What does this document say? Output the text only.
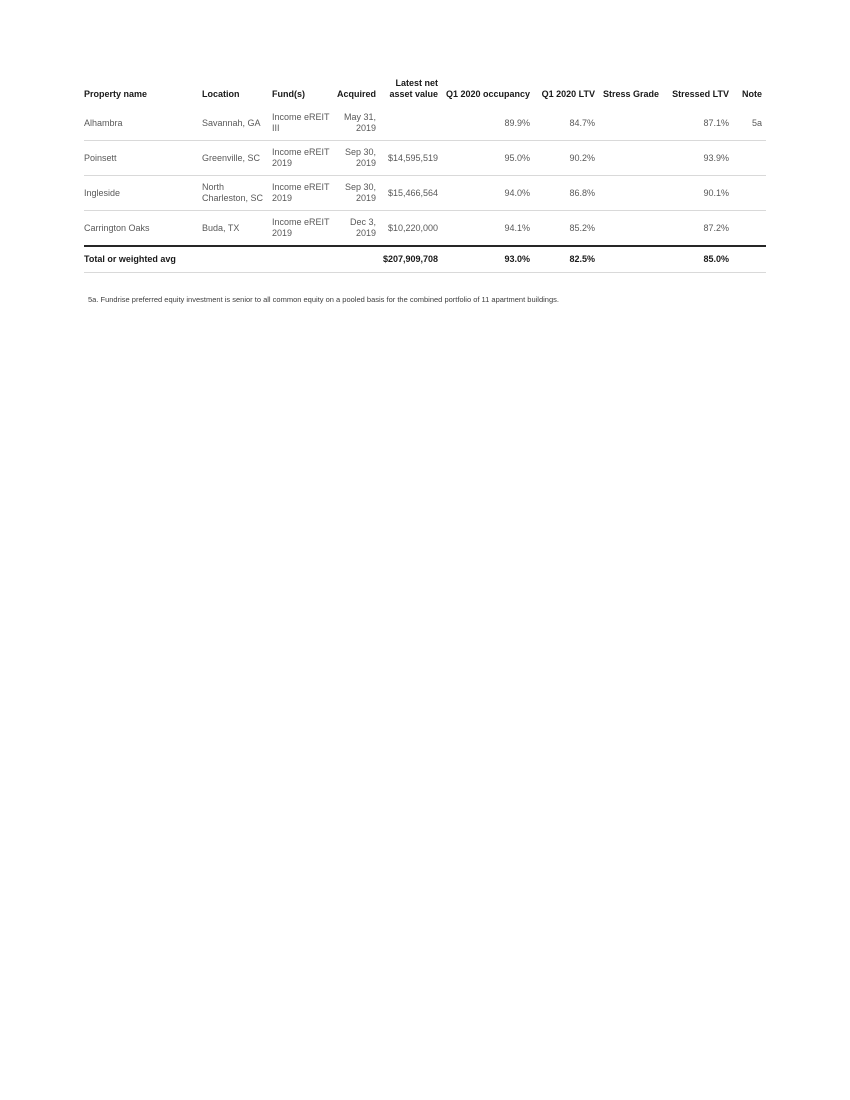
Property name	Location	Fund(s)	Acquired	Latest net asset value	Q1 2020 occupancy	Q1 2020 LTV	Stress Grade	Stressed LTV	Note
Alhambra	Savannah, GA	Income eREIT III	May 31, 2019		89.9%	84.7%		87.1%	5a
Poinsett	Greenville, SC	Income eREIT 2019	Sep 30, 2019	$14,595,519	95.0%	90.2%		93.9%	
Ingleside	North Charleston, SC	Income eREIT 2019	Sep 30, 2019	$15,466,564	94.0%	86.8%		90.1%	
Carrington Oaks	Buda, TX	Income eREIT 2019	Dec 3, 2019	$10,220,000	94.1%	85.2%		87.2%	
Total or weighted avg				$207,909,708	93.0%	82.5%		85.0%	
5a. Fundrise preferred equity investment is senior to all common equity on a pooled basis for the combined portfolio of 11 apartment buildings.
